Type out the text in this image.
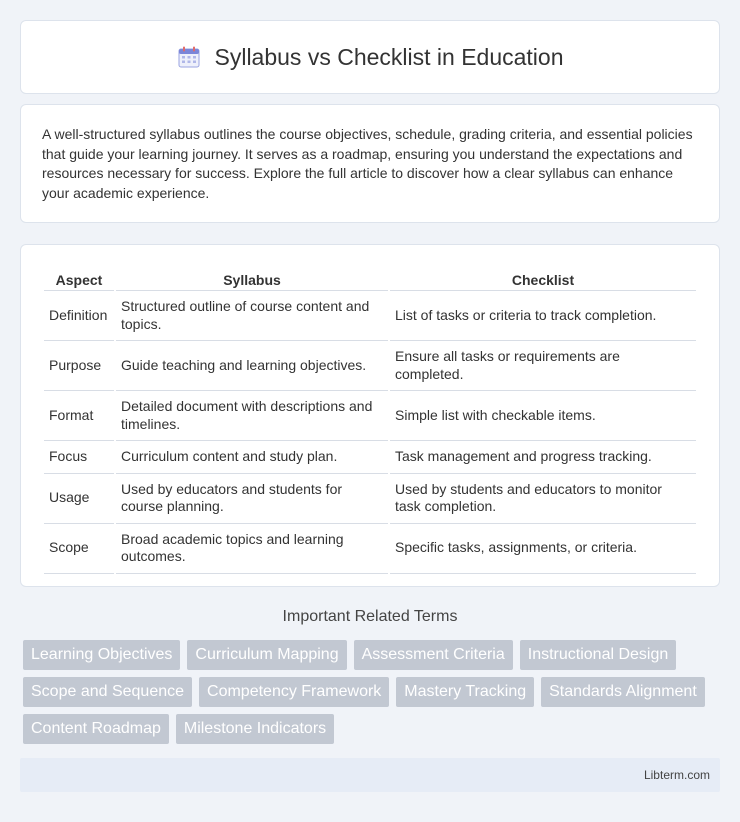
Syllabus vs Checklist in Education

A well-structured syllabus outlines the course objectives, schedule, grading criteria, and essential policies that guide your learning journey. It serves as a roadmap, ensuring you understand the expectations and resources necessary for success. Explore the full article to discover how a clear syllabus can enhance your academic experience.

Aspect	Syllabus	Checklist
Definition	Structured outline of course content and topics.	List of tasks or criteria to track completion.
Purpose	Guide teaching and learning objectives.	Ensure all tasks or requirements are completed.
Format	Detailed document with descriptions and timelines.	Simple list with checkable items.
Focus	Curriculum content and study plan.	Task management and progress tracking.
Usage	Used by educators and students for course planning.	Used by students and educators to monitor task completion.
Scope	Broad academic topics and learning outcomes.	Specific tasks, assignments, or criteria.
Important Related Terms
Learning Objectives	Curriculum Mapping	Assessment Criteria	Instructional Design
Scope and Sequence	Competency Framework	Mastery Tracking	Standards Alignment
Content Roadmap	Milestone Indicators
Libterm.com
